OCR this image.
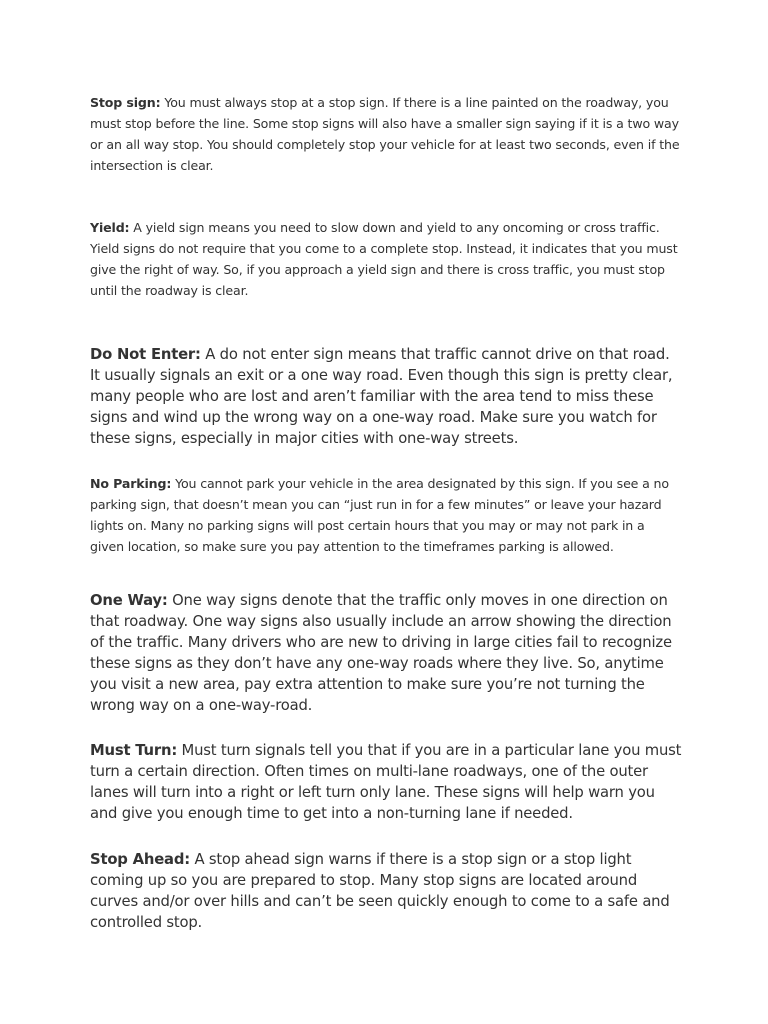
Stop sign: You must always stop at a stop sign. If there is a line painted on the roadway, you must stop before the line. Some stop signs will also have a smaller sign saying if it is a two way or an all way stop. You should completely stop your vehicle for at least two seconds, even if the intersection is clear.

Yield: A yield sign means you need to slow down and yield to any oncoming or cross traffic. Yield signs do not require that you come to a complete stop. Instead, it indicates that you must give the right of way. So, if you approach a yield sign and there is cross traffic, you must stop until the roadway is clear.

Do Not Enter: A do not enter sign means that traffic cannot drive on that road. It usually signals an exit or a one way road. Even though this sign is pretty clear, many people who are lost and aren’t familiar with the area tend to miss these signs and wind up the wrong way on a one-way road. Make sure you watch for these signs, especially in major cities with one-way streets.

No Parking: You cannot park your vehicle in the area designated by this sign. If you see a no parking sign, that doesn’t mean you can “just run in for a few minutes” or leave your hazard lights on. Many no parking signs will post certain hours that you may or may not park in a given location, so make sure you pay attention to the timeframes parking is allowed.

One Way: One way signs denote that the traffic only moves in one direction on that roadway. One way signs also usually include an arrow showing the direction of the traffic. Many drivers who are new to driving in large cities fail to recognize these signs as they don’t have any one-way roads where they live. So, anytime you visit a new area, pay extra attention to make sure you’re not turning the wrong way on a one-way-road.

Must Turn: Must turn signals tell you that if you are in a particular lane you must turn a certain direction. Often times on multi-lane roadways, one of the outer lanes will turn into a right or left turn only lane. These signs will help warn you and give you enough time to get into a non-turning lane if needed.

Stop Ahead: A stop ahead sign warns if there is a stop sign or a stop light coming up so you are prepared to stop. Many stop signs are located around curves and/or over hills and can’t be seen quickly enough to come to a safe and controlled stop.
